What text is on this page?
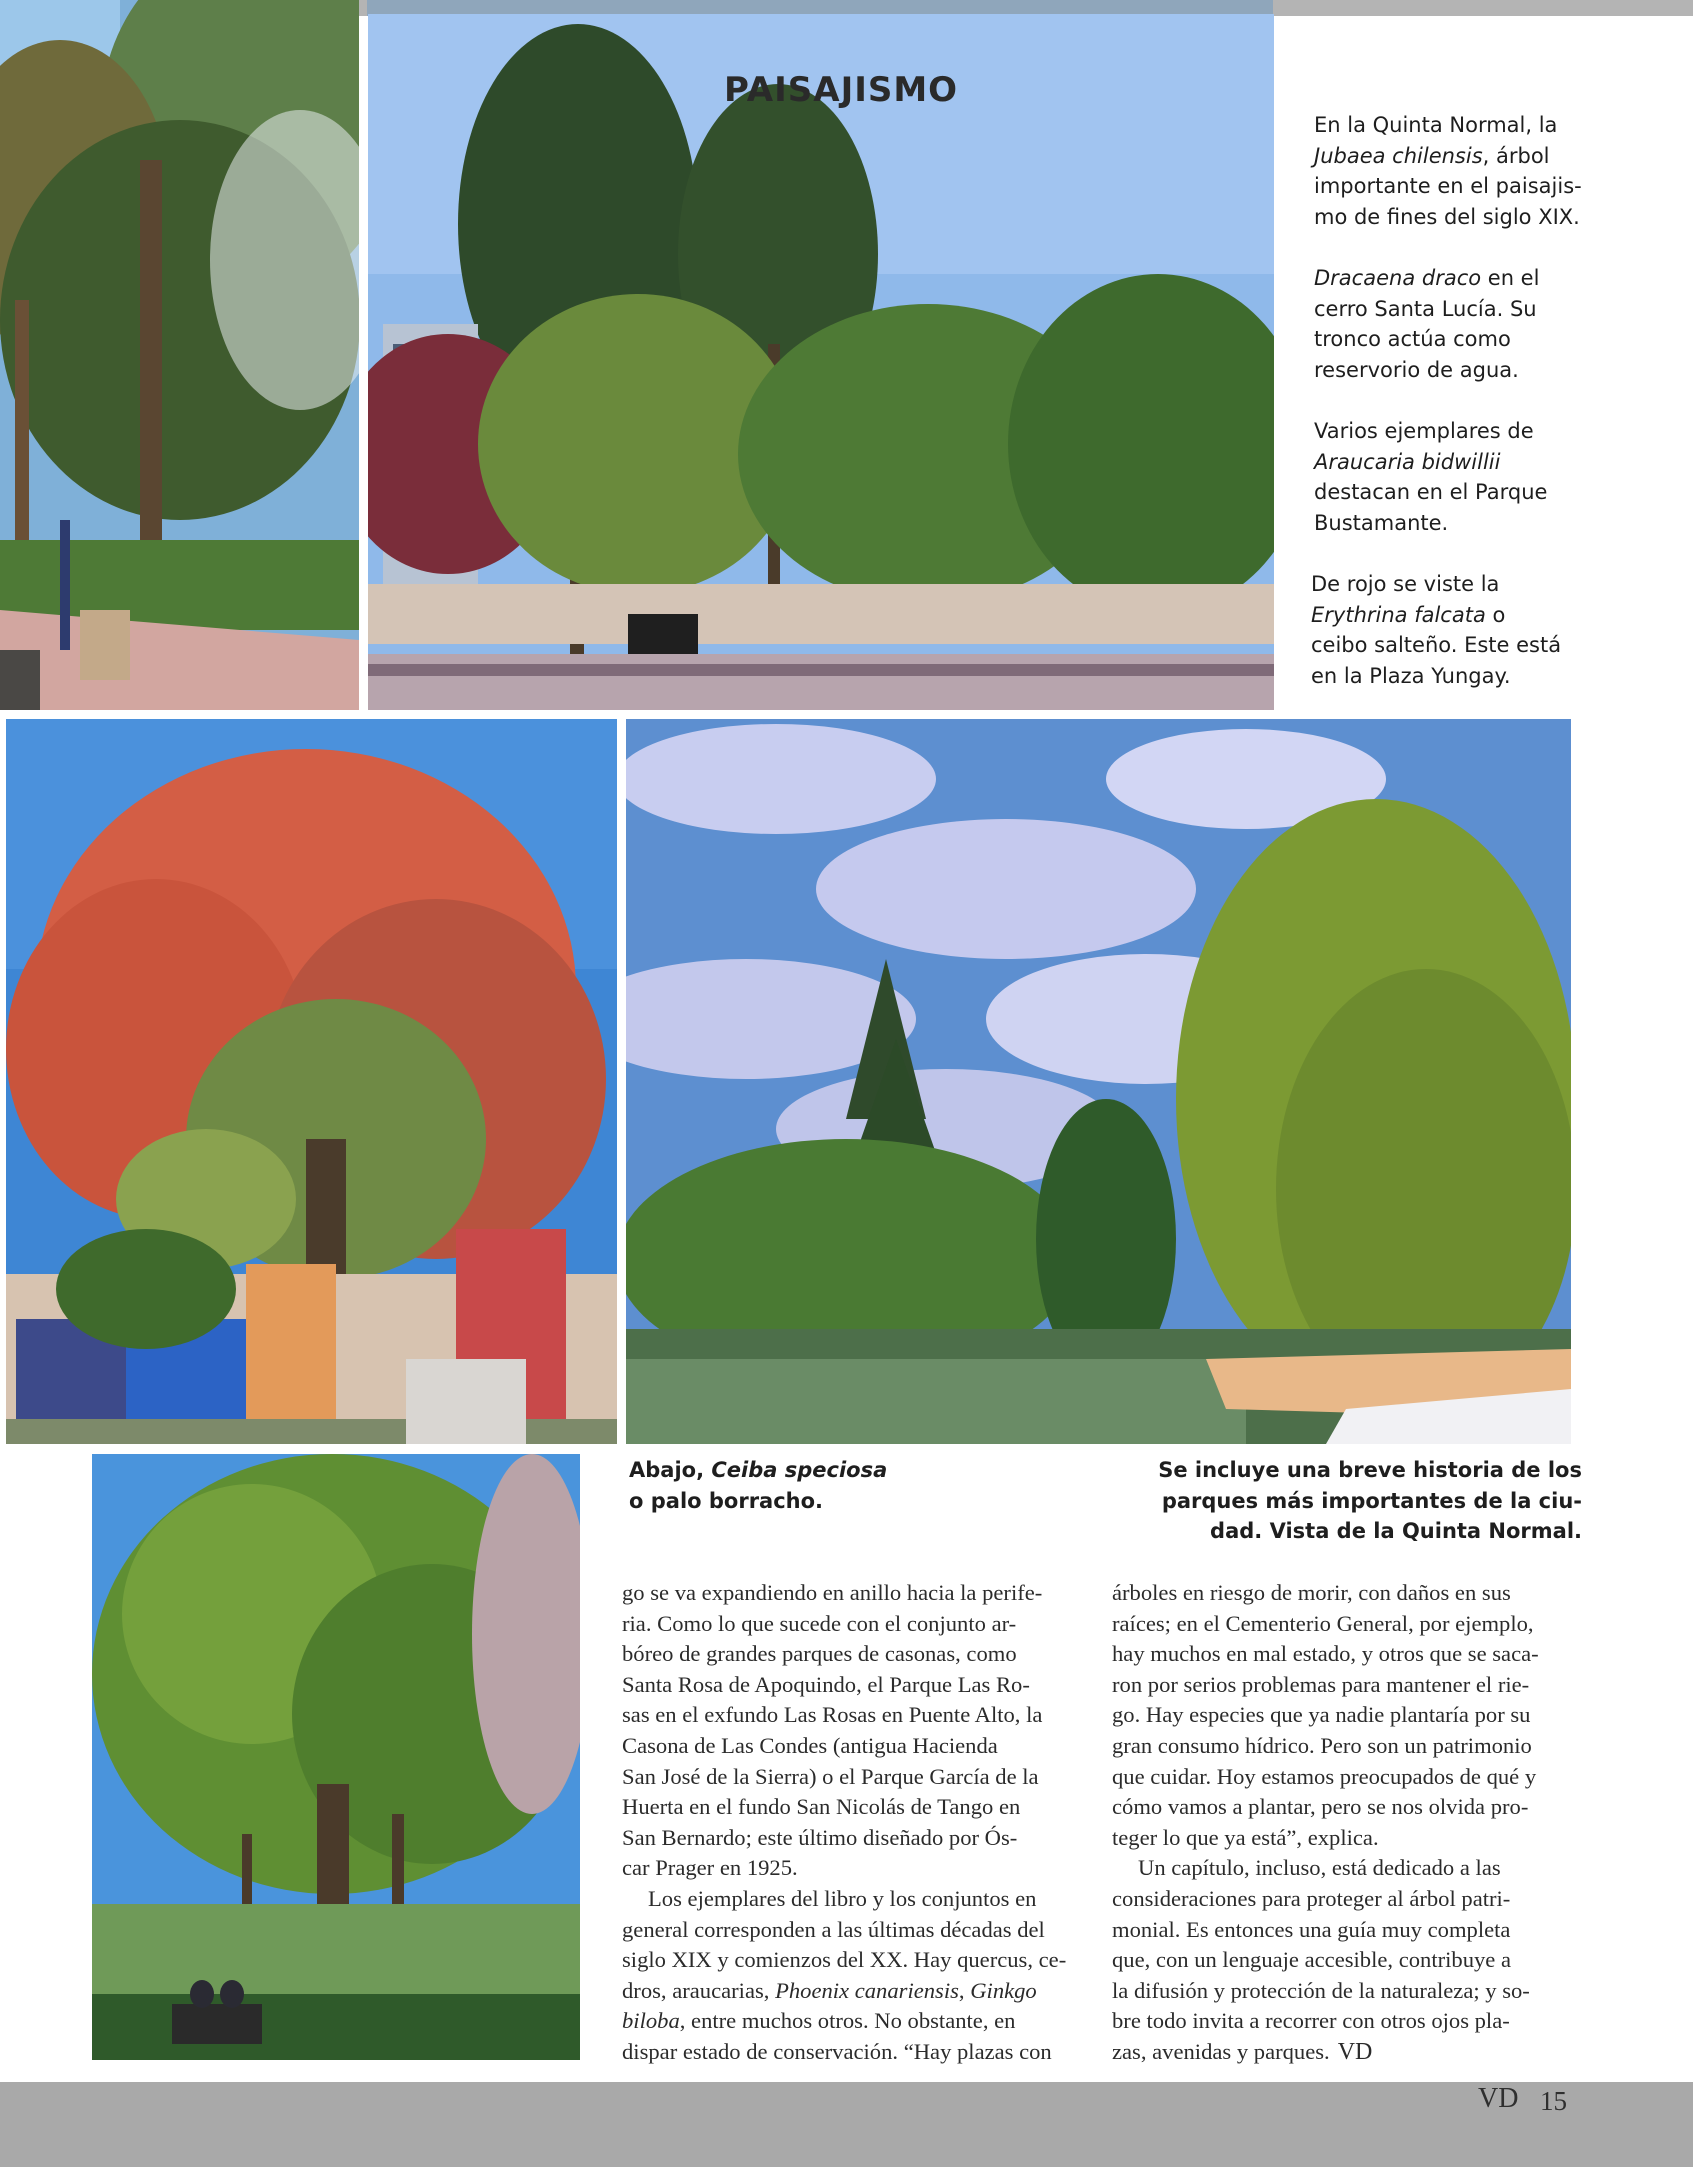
PAISAJISMO
En la Quinta Normal, la
Jubaea chilensis, árbol
importante en el paisajis-
mo de fines del siglo XIX.
Dracaena draco en el
cerro Santa Lucía. Su
tronco actúa como
reservorio de agua.
Varios ejemplares de
Araucaria bidwillii
destacan en el Parque
Bustamante.
De rojo se viste la
Erythrina falcata o
ceibo salteño. Este está
en la Plaza Yungay.
Abajo, Ceiba speciosa
o palo borracho.
Se incluye una breve historia de los
parques más importantes de la ciu-
dad. Vista de la Quinta Normal.
go se va expandiendo en anillo hacia la perife-
ria. Como lo que sucede con el conjunto ar-
bóreo de grandes parques de casonas, como
Santa Rosa de Apoquindo, el Parque Las Ro-
sas en el exfundo Las Rosas en Puente Alto, la
Casona de Las Condes (antigua Hacienda
San José de la Sierra) o el Parque García de la
Huerta en el fundo San Nicolás de Tango en
San Bernardo; este último diseñado por Ós-
car Prager en 1925.
Los ejemplares del libro y los conjuntos en
general corresponden a las últimas décadas del
siglo XIX y comienzos del XX. Hay quercus, ce-
dros, araucarias, Phoenix canariensis, Ginkgo
biloba, entre muchos otros. No obstante, en
dispar estado de conservación. “Hay plazas con
árboles en riesgo de morir, con daños en sus
raíces; en el Cementerio General, por ejemplo,
hay muchos en mal estado, y otros que se saca-
ron por serios problemas para mantener el rie-
go. Hay especies que ya nadie plantaría por su
gran consumo hídrico. Pero son un patrimonio
que cuidar. Hoy estamos preocupados de qué y
cómo vamos a plantar, pero se nos olvida pro-
teger lo que ya está”, explica.
Un capítulo, incluso, está dedicado a las
consideraciones para proteger al árbol patri-
monial. Es entonces una guía muy completa
que, con un lenguaje accesible, contribuye a
la difusión y protección de la naturaleza; y so-
bre todo invita a recorrer con otros ojos pla-
zas, avenidas y parques. VD
VD 15
